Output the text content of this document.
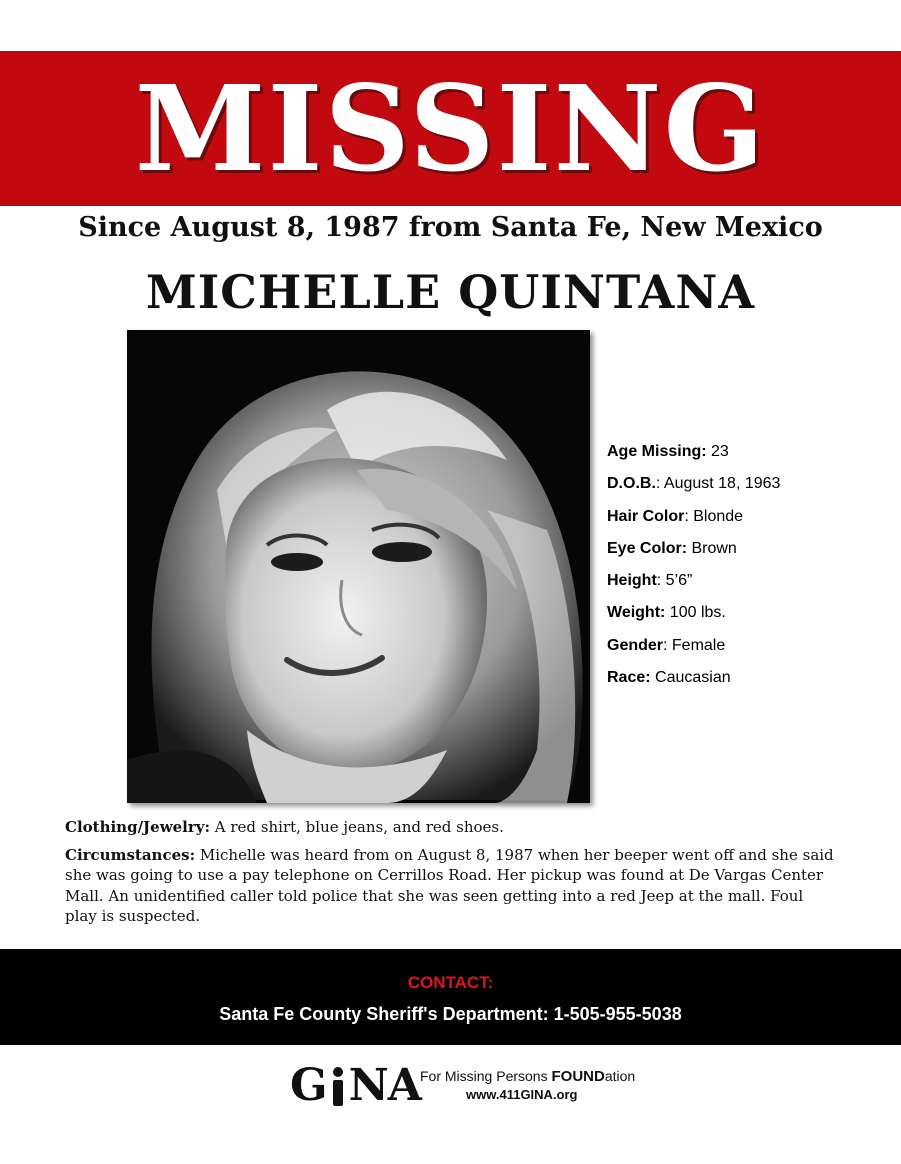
MISSING
Since August 8, 1987 from Santa Fe, New Mexico
MICHELLE QUINTANA
Age Missing: 23
D.O.B.: August 18, 1963
Hair Color: Blonde
Eye Color: Brown
Height: 5’6”
Weight: 100 lbs.
Gender: Female
Race: Caucasian

Clothing/Jewelry: A red shirt, blue jeans, and red shoes.

Circumstances: Michelle was heard from on August 8, 1987 when her beeper went off and she said she was going to use a pay telephone on Cerrillos Road. Her pickup was found at De Vargas Center Mall. An unidentified caller told police that she was seen getting into a red Jeep at the mall. Foul play is suspected.

CONTACT:
Santa Fe County Sheriff's Department: 1-505-955-5038
G NA For Missing Persons FOUNDation
www.411GINA.org
